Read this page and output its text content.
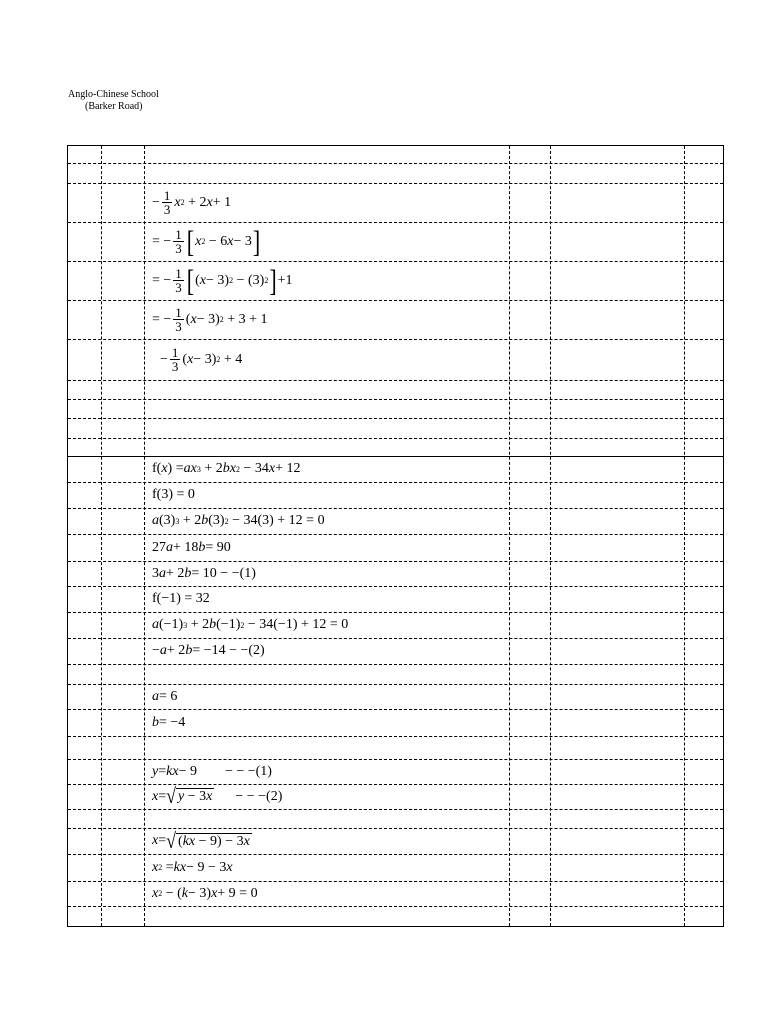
Anglo-Chinese School
(Barker Road)
− $\frac{1}{3}$ x 2 + 2 x + 1
= − $\frac{1}{3}$ [ x 2 − 6 x − 3 ]
= − $\frac{1}{3}$ [ ( x − 3) 2 − (3) 2 ] +1
= − $\frac{1}{3}$ ( x − 3) 2 + 3 + 1
− $\frac{1}{3}$ ( x − 3) 2 + 4
f( x ) = ax 3 + 2 bx 2 − 34 x + 12
f(3) = 0
a (3) 3 + 2 b (3) 2 − 34(3) + 12 = 0
27 a + 18 b = 90
3 a + 2 b = 10 − −(1)
f(−1) = 32
a (−1) 3 + 2 b (−1) 2 − 34(−1) + 12 = 0
− a + 2 b = −14 − −(2)
a = 6
b = −4
y = kx − 9        − − −(1)
x = √ y − 3x − − −(2)
x = √ (kx − 9) − 3x
x 2 = kx − 9 − 3 x
x 2 − ( k − 3) x + 9 = 0
